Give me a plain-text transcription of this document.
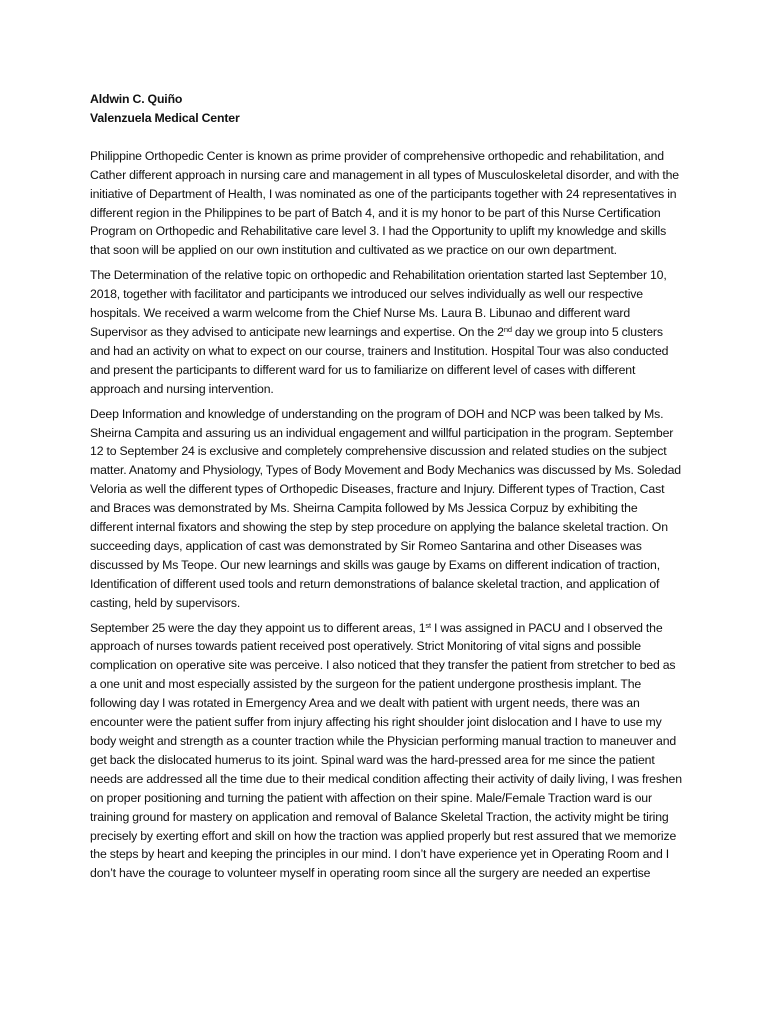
Aldwin C. Quiño
Valenzuela Medical Center

Philippine Orthopedic Center is known as prime provider of comprehensive orthopedic and rehabilitation, and Cather different approach in nursing care and management in all types of Musculoskeletal disorder, and with the initiative of Department of Health, I was nominated as one of the participants together with 24 representatives in different region in the Philippines to be part of Batch 4, and it is my honor to be part of this Nurse Certification Program on Orthopedic and Rehabilitative care level 3. I had the Opportunity to uplift my knowledge and skills that soon will be applied on our own institution and cultivated as we practice on our own department.

The Determination of the relative topic on orthopedic and Rehabilitation orientation started last September 10, 2018, together with facilitator and participants we introduced our selves individually as well our respective hospitals. We received a warm welcome from the Chief Nurse Ms. Laura B. Libunao and different ward Supervisor as they advised to anticipate new learnings and expertise. On the 2nd day we group into 5 clusters and had an activity on what to expect on our course, trainers and Institution. Hospital Tour was also conducted and present the participants to different ward for us to familiarize on different level of cases with different approach and nursing intervention.

Deep Information and knowledge of understanding on the program of DOH and NCP was been talked by Ms. Sheirna Campita and assuring us an individual engagement and willful participation in the program. September 12 to September 24 is exclusive and completely comprehensive discussion and related studies on the subject matter. Anatomy and Physiology, Types of Body Movement and Body Mechanics was discussed by Ms. Soledad Veloria as well the different types of Orthopedic Diseases, fracture and Injury. Different types of Traction, Cast and Braces was demonstrated by Ms. Sheirna Campita followed by Ms Jessica Corpuz by exhibiting the different internal fixators and showing the step by step procedure on applying the balance skeletal traction. On succeeding days, application of cast was demonstrated by Sir Romeo Santarina and other Diseases was discussed by Ms Teope. Our new learnings and skills was gauge by Exams on different indication of traction, Identification of different used tools and return demonstrations of balance skeletal traction, and application of casting, held by supervisors.

September 25 were the day they appoint us to different areas, 1st I was assigned in PACU and I observed the approach of nurses towards patient received post operatively. Strict Monitoring of vital signs and possible complication on operative site was perceive. I also noticed that they transfer the patient from stretcher to bed as a one unit and most especially assisted by the surgeon for the patient undergone prosthesis implant. The following day I was rotated in Emergency Area and we dealt with patient with urgent needs, there was an encounter were the patient suffer from injury affecting his right shoulder joint dislocation and I have to use my body weight and strength as a counter traction while the Physician performing manual traction to maneuver and get back the dislocated humerus to its joint. Spinal ward was the hard-pressed area for me since the patient needs are addressed all the time due to their medical condition affecting their activity of daily living, I was freshen on proper positioning and turning the patient with affection on their spine. Male/Female Traction ward is our training ground for mastery on application and removal of Balance Skeletal Traction, the activity might be tiring precisely by exerting effort and skill on how the traction was applied properly but rest assured that we memorize the steps by heart and keeping the principles in our mind. I don’t have experience yet in Operating Room and I don’t have the courage to volunteer myself in operating room since all the surgery are needed an expertise
